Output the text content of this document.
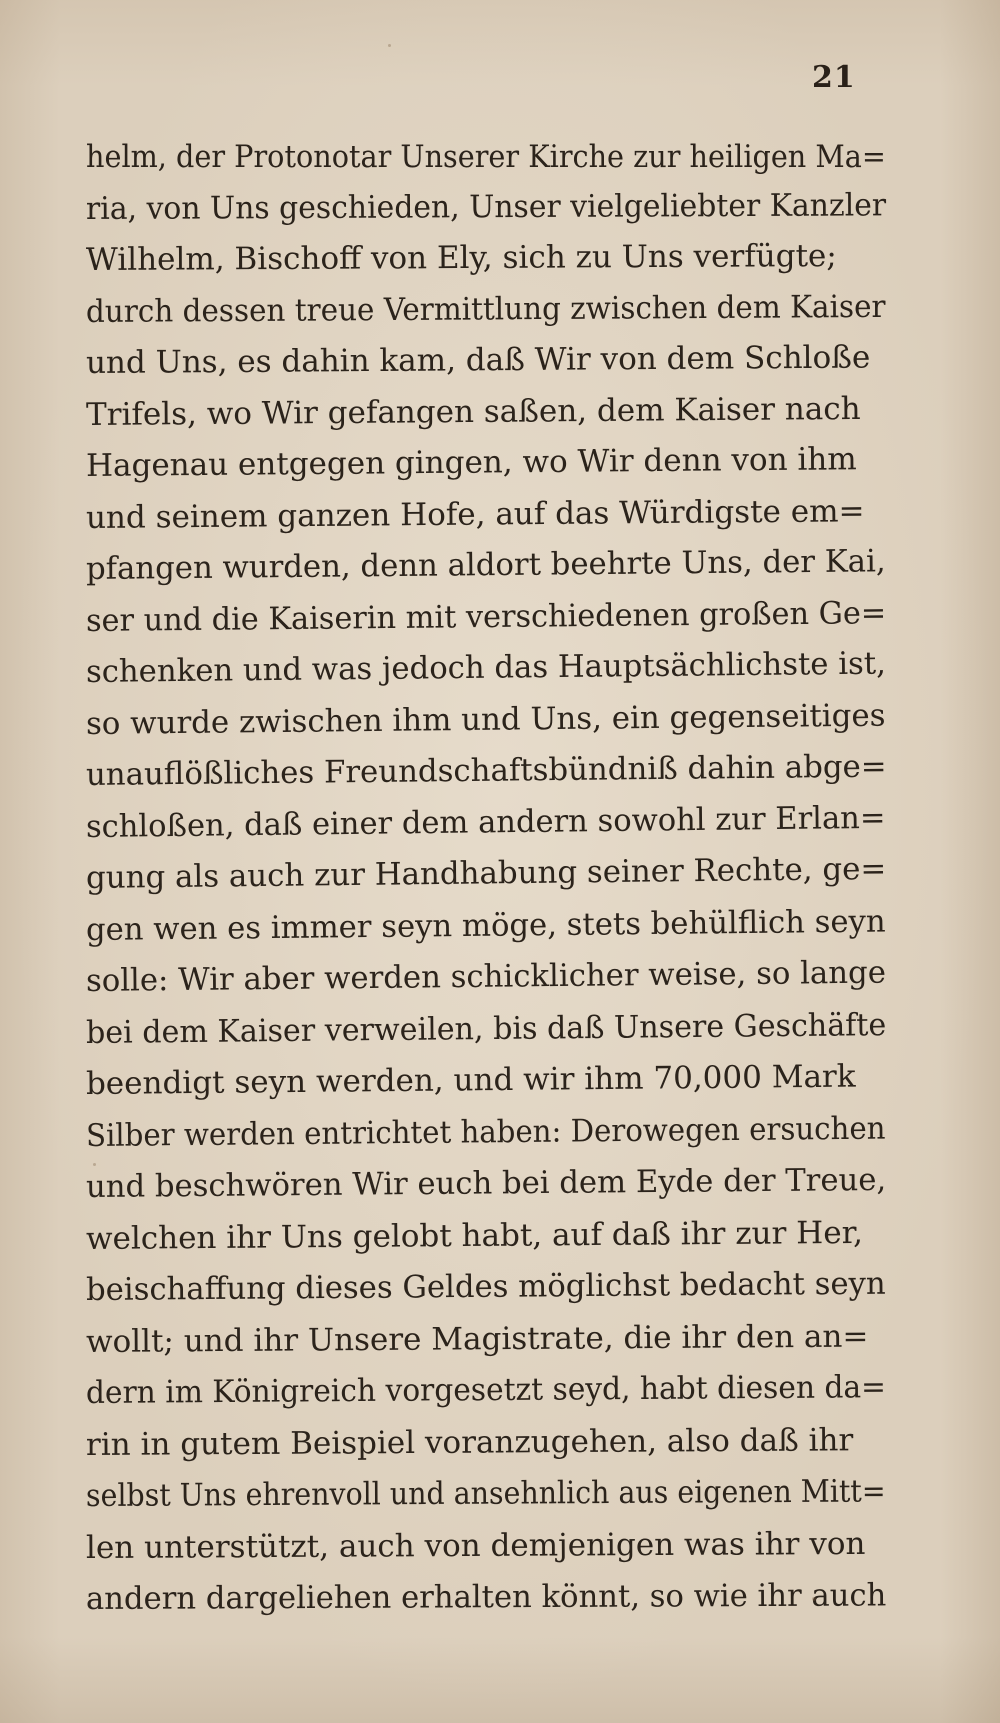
21
helm, der Protonotar Unserer Kirche zur heiligen Ma=
ria, von Uns geschieden, Unser vielgeliebter Kanzler
Wilhelm, Bischoff von Ely, sich zu Uns verfügte;
durch dessen treue Vermittlung zwischen dem Kaiser
und Uns, es dahin kam, daß Wir von dem Schloße
Trifels, wo Wir gefangen saßen, dem Kaiser nach
Hagenau entgegen gingen, wo Wir denn von ihm
und seinem ganzen Hofe, auf das Würdigste em=
pfangen wurden, denn aldort beehrte Uns, der Kai,
ser und die Kaiserin mit verschiedenen großen Ge=
schenken und was jedoch das Hauptsächlichste ist,
so wurde zwischen ihm und Uns, ein gegenseitiges
unauflößliches Freundschaftsbündniß dahin abge=
schloßen, daß einer dem andern sowohl zur Erlan=
gung als auch zur Handhabung seiner Rechte, ge=
gen wen es immer seyn möge, stets behülflich seyn
solle: Wir aber werden schicklicher weise, so lange
bei dem Kaiser verweilen, bis daß Unsere Geschäfte
beendigt seyn werden, und wir ihm 70,000 Mark
Silber werden entrichtet haben: Derowegen ersuchen
und beschwören Wir euch bei dem Eyde der Treue,
welchen ihr Uns gelobt habt, auf daß ihr zur Her,
beischaffung dieses Geldes möglichst bedacht seyn
wollt; und ihr Unsere Magistrate, die ihr den an=
dern im Königreich vorgesetzt seyd, habt diesen da=
rin in gutem Beispiel voranzugehen, also daß ihr
selbst Uns ehrenvoll und ansehnlich aus eigenen Mitt=
len unterstützt, auch von demjenigen was ihr von
andern dargeliehen erhalten könnt, so wie ihr auch
